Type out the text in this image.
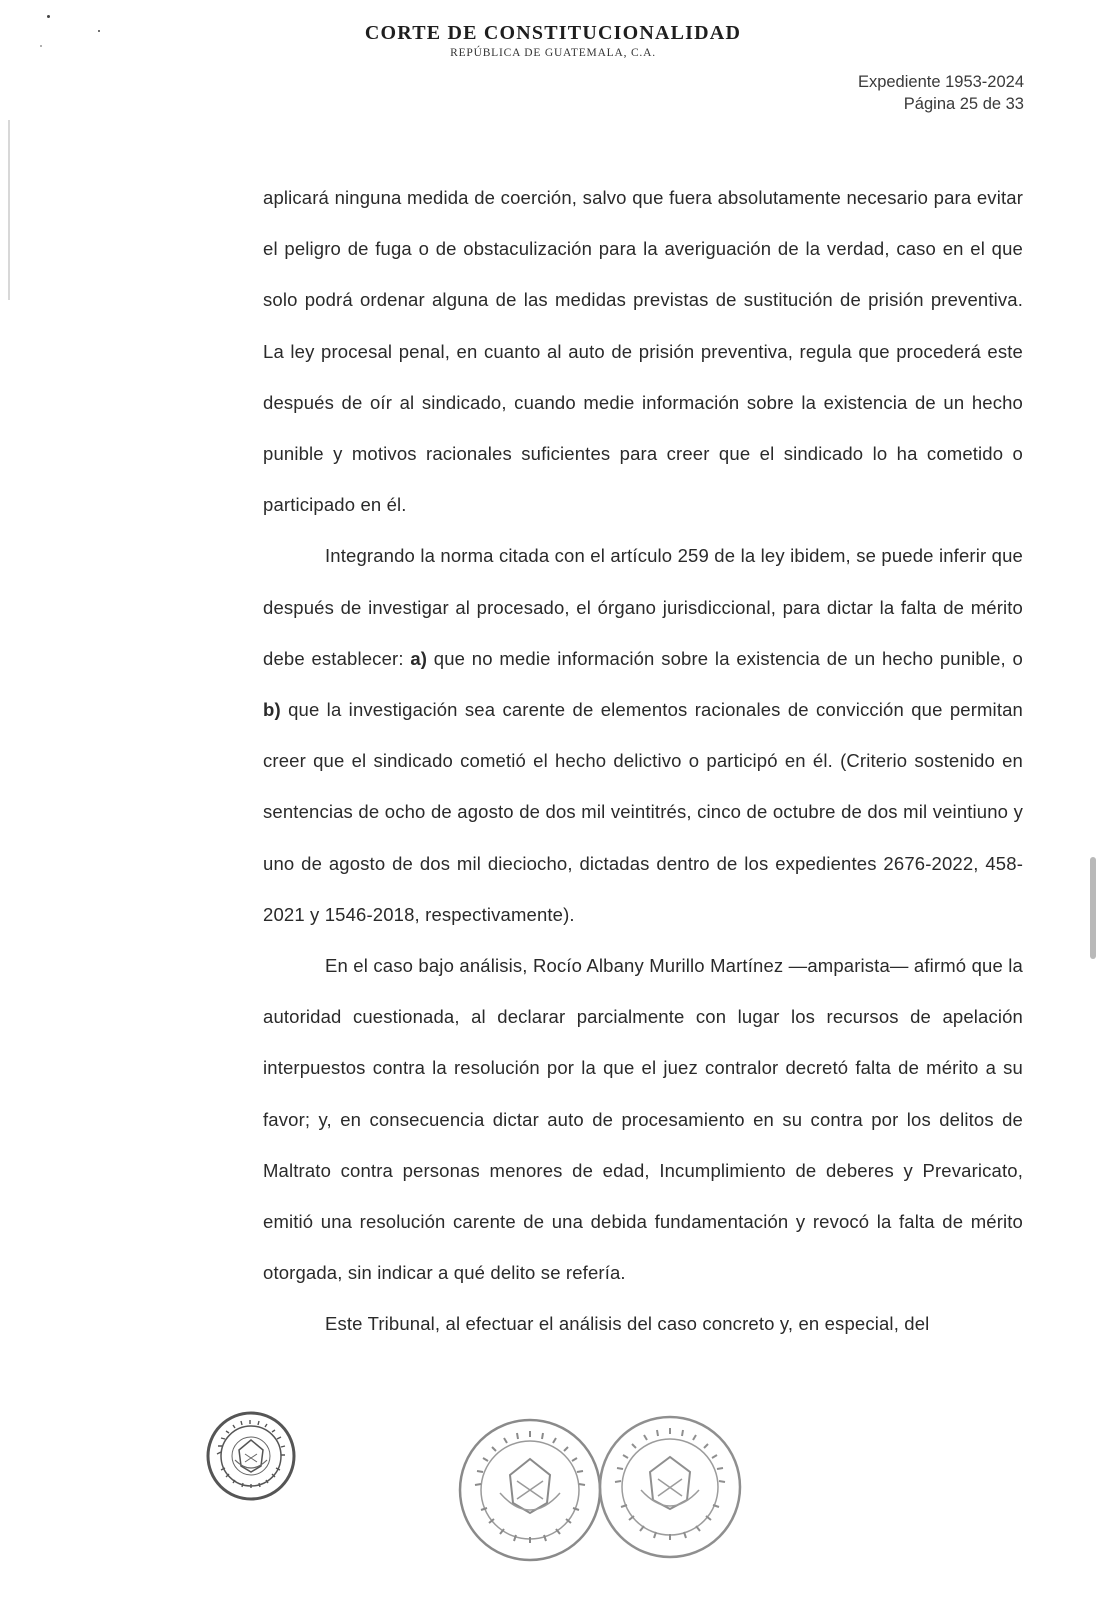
CORTE DE CONSTITUCIONALIDAD
REPÚBLICA DE GUATEMALA, C.A.
Expediente 1953-2024
Página 25 de 33

aplicará ninguna medida de coerción, salvo que fuera absolutamente necesario para evitar el peligro de fuga o de obstaculización para la averiguación de la verdad, caso en el que solo podrá ordenar alguna de las medidas previstas de sustitución de prisión preventiva. La ley procesal penal, en cuanto al auto de prisión preventiva, regula que procederá este después de oír al sindicado, cuando medie información sobre la existencia de un hecho punible y motivos racionales suficientes para creer que el sindicado lo ha cometido o participado en él.

Integrando la norma citada con el artículo 259 de la ley ibidem, se puede inferir que después de investigar al procesado, el órgano jurisdiccional, para dictar la falta de mérito debe establecer: a) que no medie información sobre la existencia de un hecho punible, o b) que la investigación sea carente de elementos racionales de convicción que permitan creer que el sindicado cometió el hecho delictivo o participó en él. (Criterio sostenido en sentencias de ocho de agosto de dos mil veintitrés, cinco de octubre de dos mil veintiuno y uno de agosto de dos mil dieciocho, dictadas dentro de los expedientes 2676-2022, 458-2021 y 1546-2018, respectivamente).

En el caso bajo análisis, Rocío Albany Murillo Martínez —amparista— afirmó que la autoridad cuestionada, al declarar parcialmente con lugar los recursos de apelación interpuestos contra la resolución por la que el juez contralor decretó falta de mérito a su favor; y, en consecuencia dictar auto de procesamiento en su contra por los delitos de Maltrato contra personas menores de edad, Incumplimiento de deberes y Prevaricato, emitió una resolución carente de una debida fundamentación y revocó la falta de mérito otorgada, sin indicar a qué delito se refería.

Este Tribunal, al efectuar el análisis del caso concreto y, en especial, del
